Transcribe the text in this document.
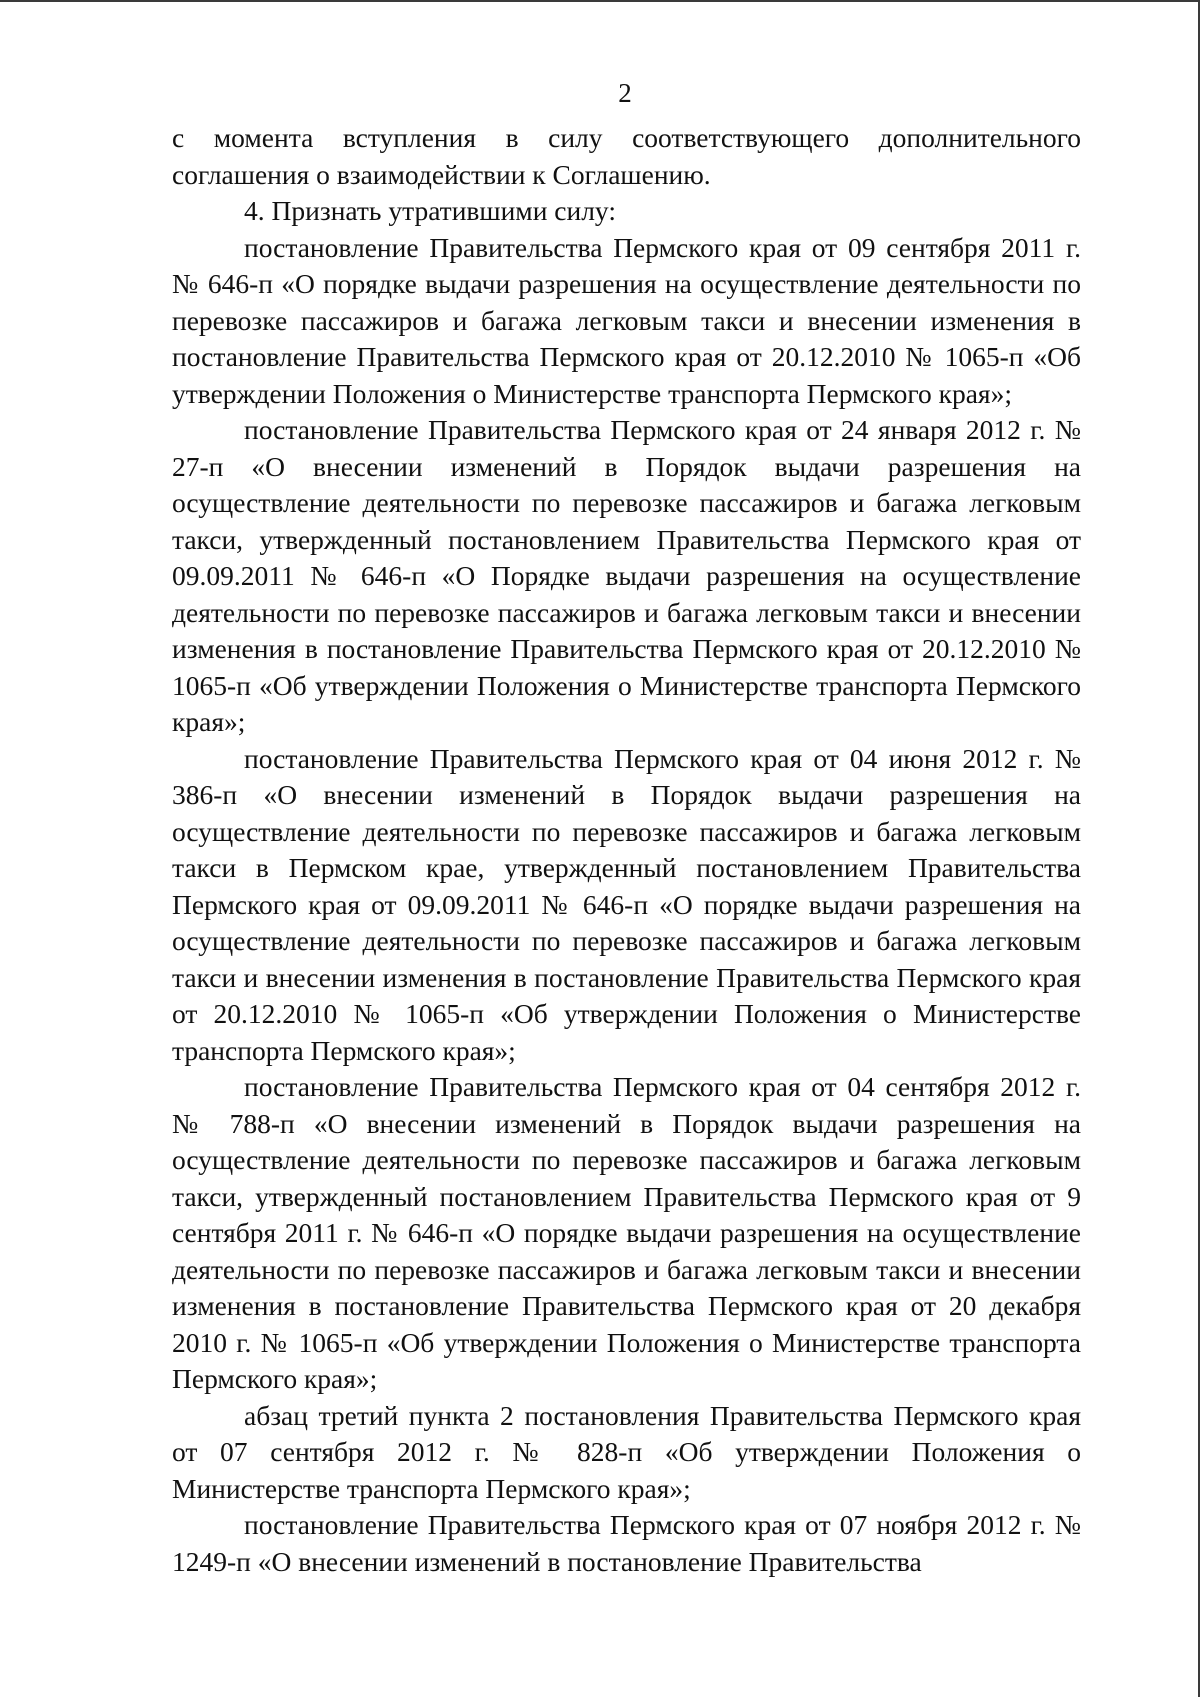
2

с момента вступления в силу соответствующего дополнительного соглашения о взаимодействии к Соглашению.

4. Признать утратившими силу:

постановление Правительства Пермского края от 09 сентября 2011 г. № 646-п «О порядке выдачи разрешения на осуществление деятельности по перевозке пассажиров и багажа легковым такси и внесении изменения в постановление Правительства Пермского края от 20.12.2010 № 1065-п «Об утверждении Положения о Министерстве транспорта Пермского края»;

постановление Правительства Пермского края от 24 января 2012 г. № 27-п «О внесении изменений в Порядок выдачи разрешения на осуществление деятельности по перевозке пассажиров и багажа легковым такси, утвержденный постановлением Правительства Пермского края от 09.09.2011 № 646-п «О Порядке выдачи разрешения на осуществление деятельности по перевозке пассажиров и багажа легковым такси и внесении изменения в постановление Правительства Пермского края от 20.12.2010 № 1065-п «Об утверждении Положения о Министерстве транспорта Пермского края»;

постановление Правительства Пермского края от 04 июня 2012 г. № 386-п «О внесении изменений в Порядок выдачи разрешения на осуществление деятельности по перевозке пассажиров и багажа легковым такси в Пермском крае, утвержденный постановлением Правительства Пермского края от 09.09.2011 № 646-п «О порядке выдачи разрешения на осуществление деятельности по перевозке пассажиров и багажа легковым такси и внесении изменения в постановление Правительства Пермского края от 20.12.2010 № 1065-п «Об утверждении Положения о Министерстве транспорта Пермского края»;

постановление Правительства Пермского края от 04 сентября 2012 г. № 788-п «О внесении изменений в Порядок выдачи разрешения на осуществление деятельности по перевозке пассажиров и багажа легковым такси, утвержденный постановлением Правительства Пермского края от 9 сентября 2011 г. № 646-п «О порядке выдачи разрешения на осуществление деятельности по перевозке пассажиров и багажа легковым такси и внесении изменения в постановление Правительства Пермского края от 20 декабря 2010 г. № 1065-п «Об утверждении Положения о Министерстве транспорта Пермского края»;

абзац третий пункта 2 постановления Правительства Пермского края от 07 сентября 2012 г. № 828-п «Об утверждении Положения о Министерстве транспорта Пермского края»;

постановление Правительства Пермского края от 07 ноября 2012 г. № 1249-п «О внесении изменений в постановление Правительства
